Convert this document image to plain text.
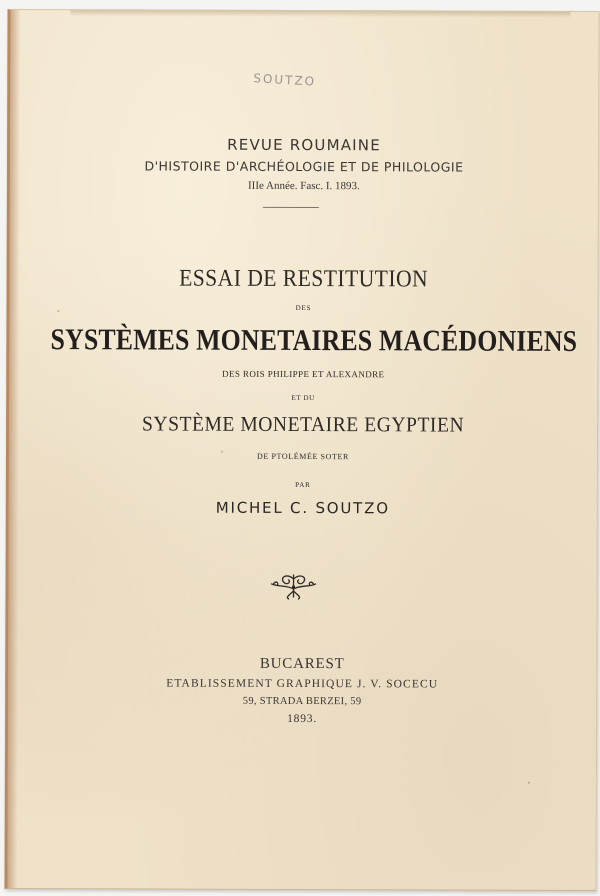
SOUTZO
REVUE ROUMAINE
D'HISTOIRE D'ARCHÉOLOGIE ET DE PHILOLOGIE
IIIe Année. Fasc. I. 1893.
ESSAI DE RESTITUTION
DES
SYSTÈMES MONETAIRES MACÉDONIENS
DES ROIS PHILIPPE ET ALEXANDRE
ET DU
SYSTÈME MONETAIRE EGYPTIEN
DE PTOLÉMÉE SOTER
PAR
MICHEL C. SOUTZO
BUCAREST
ETABLISSEMENT GRAPHIQUE J. V. SOCECU
59, STRADA BERZEI, 59
1893.
